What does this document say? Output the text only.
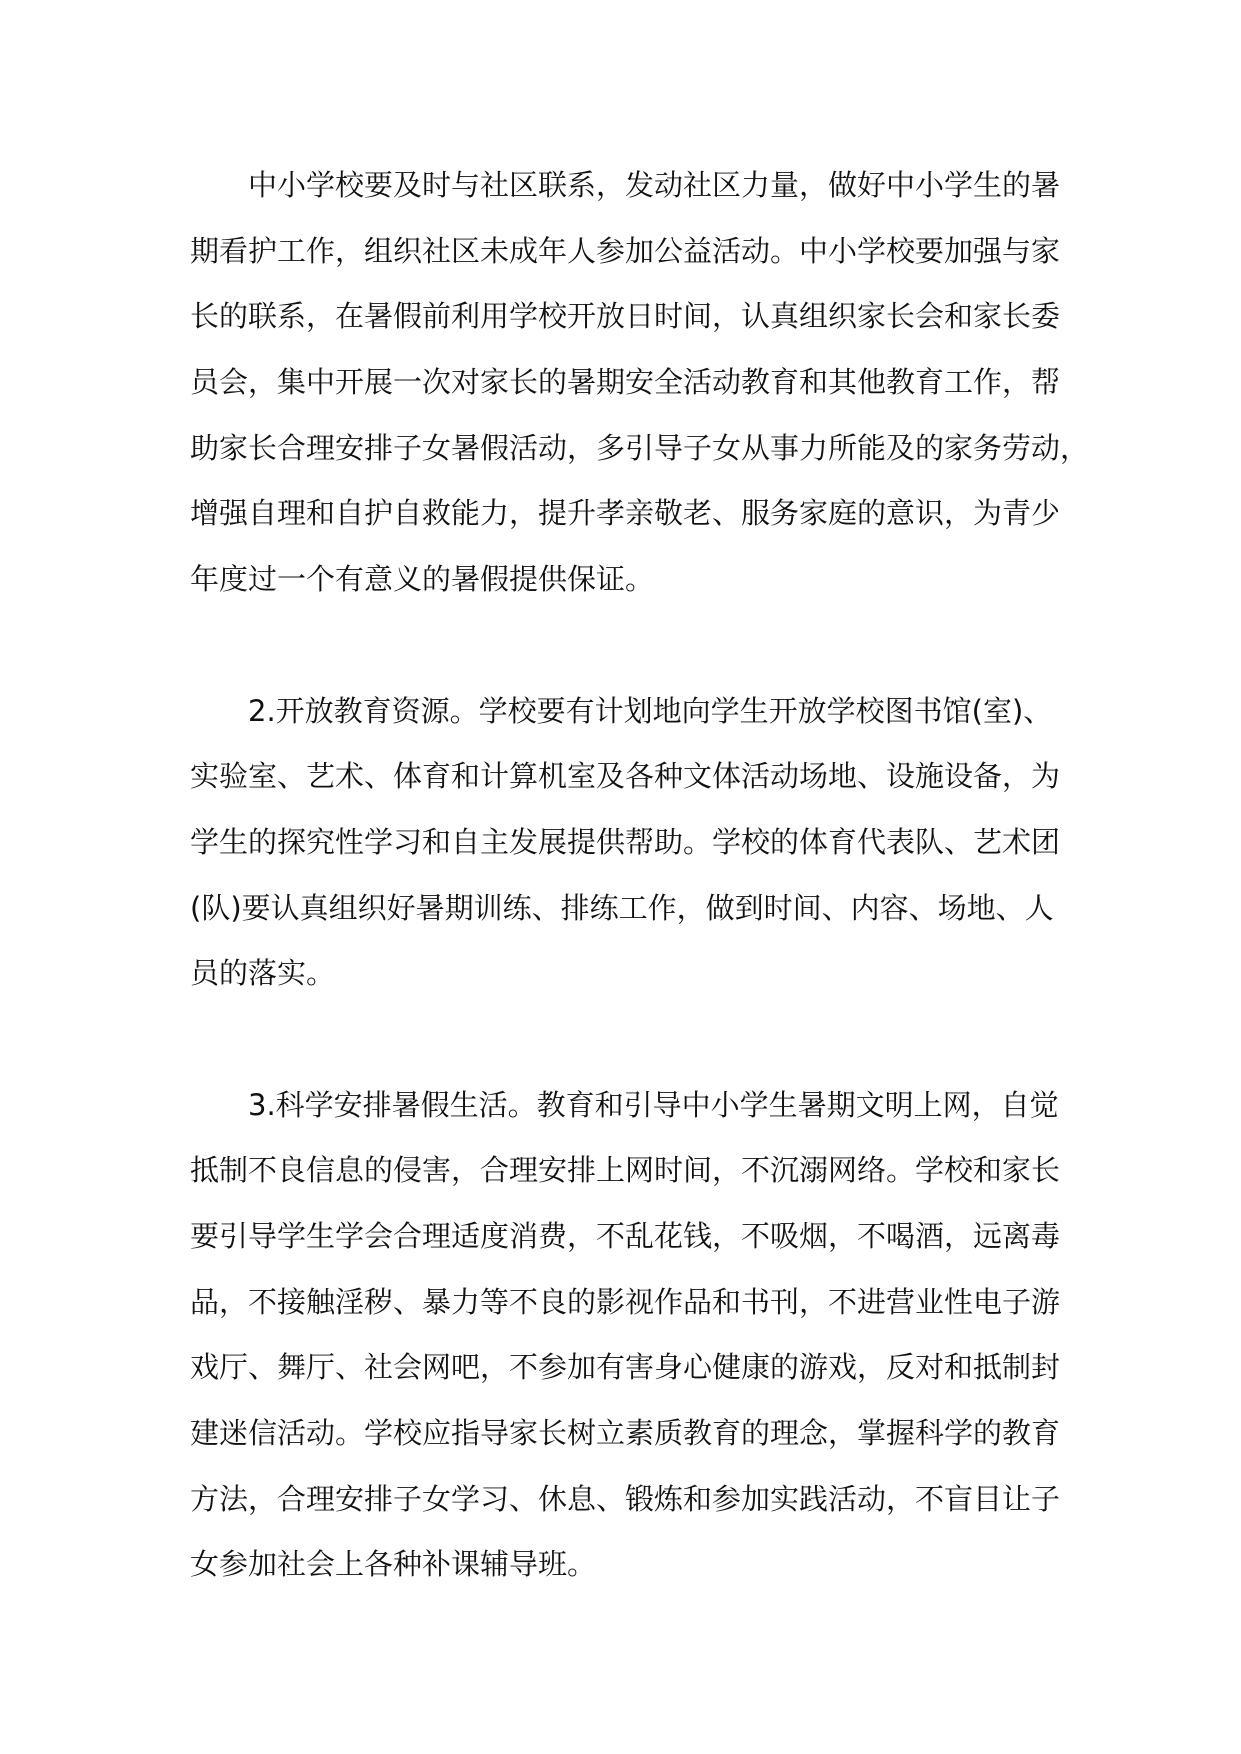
中小学校要及时与社区联系，发动社区力量，做好中小学生的暑
期看护工作，组织社区未成年人参加公益活动。中小学校要加强与家
长的联系，在暑假前利用学校开放日时间，认真组织家长会和家长委
员会，集中开展一次对家长的暑期安全活动教育和其他教育工作，帮
助家长合理安排子女暑假活动，多引导子女从事力所能及的家务劳动，
增强自理和自护自救能力，提升孝亲敬老、服务家庭的意识，为青少
年度过一个有意义的暑假提供保证。
2.开放教育资源。学校要有计划地向学生开放学校图书馆(室)、
实验室、艺术、体育和计算机室及各种文体活动场地、设施设备，为
学生的探究性学习和自主发展提供帮助。学校的体育代表队、艺术团
(队)要认真组织好暑期训练、排练工作，做到时间、内容、场地、人
员的落实。
3.科学安排暑假生活。教育和引导中小学生暑期文明上网，自觉
抵制不良信息的侵害，合理安排上网时间，不沉溺网络。学校和家长
要引导学生学会合理适度消费，不乱花钱，不吸烟，不喝酒，远离毒
品，不接触淫秽、暴力等不良的影视作品和书刊，不进营业性电子游
戏厅、舞厅、社会网吧，不参加有害身心健康的游戏，反对和抵制封
建迷信活动。学校应指导家长树立素质教育的理念，掌握科学的教育
方法，合理安排子女学习、休息、锻炼和参加实践活动，不盲目让子
女参加社会上各种补课辅导班。
